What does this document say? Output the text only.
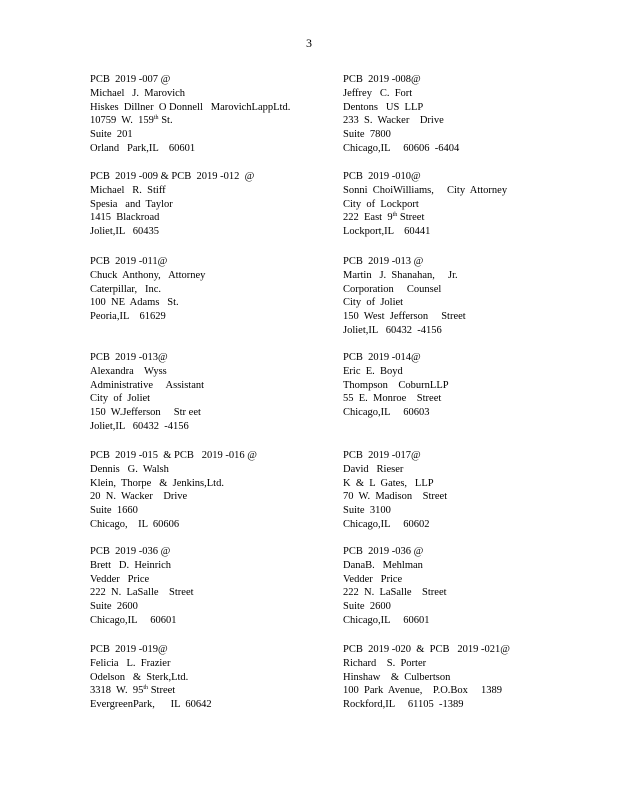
3
PCB  2019 -007 @
Michael   J.  Marovich
Hiskes  Dillner  O Donnell   MarovichLappLtd.
10759  W.  159th St.
Suite  201
Orland   Park,IL    60601
PCB  2019 -009 & PCB  2019 -012  @
Michael   R.  Stiff
Spesia   and  Taylor
1415  Blackroad
Joliet,IL   60435
PCB  2019 -011@
Chuck  Anthony,   Attorney
Caterpillar,   Inc.
100  NE  Adams   St.
Peoria,IL    61629
PCB  2019 -013@
Alexandra    Wyss
Administrative     Assistant
City  of  Joliet
150  W.Jefferson     Str eet
Joliet,IL   60432  -4156
PCB  2019 -015  & PCB   2019 -016 @
Dennis   G.  Walsh
Klein,  Thorpe   &  Jenkins,Ltd.
20  N.  Wacker    Drive
Suite  1660
Chicago,    IL  60606
PCB  2019 -036 @
Brett   D.  Heinrich
Vedder   Price
222  N.  LaSalle    Street
Suite  2600
Chicago,IL     60601
PCB  2019 -019@
Felicia   L.  Frazier
Odelson   &  Sterk,Ltd.
3318  W.  95th Street
EvergreenPark,      IL  60642
PCB  2019 -008@
Jeffrey   C.  Fort
Dentons   US  LLP
233  S.  Wacker    Drive
Suite  7800
Chicago,IL     60606  -6404
PCB  2019 -010@
Sonni  ChoiWilliams,     City  Attorney
City  of  Lockport
222  East  9th Street
Lockport,IL    60441
PCB  2019 -013 @
Martin   J.  Shanahan,     Jr.
Corporation     Counsel
City  of  Joliet
150  West  Jefferson     Street
Joliet,IL   60432  -4156
PCB  2019 -014@
Eric  E.  Boyd
Thompson    CoburnLLP
55  E.  Monroe    Street
Chicago,IL     60603
PCB  2019 -017@
David   Rieser
K  &  L  Gates,   LLP
70  W.  Madison    Street
Suite  3100
Chicago,IL     60602
PCB  2019 -036 @
DanaB.   Mehlman
Vedder   Price
222  N.  LaSalle    Street
Suite  2600
Chicago,IL     60601
PCB  2019 -020  &  PCB   2019 -021@
Richard    S.  Porter
Hinshaw    &  Culbertson
100  Park  Avenue,    P.O.Box     1389
Rockford,IL     61105  -1389
